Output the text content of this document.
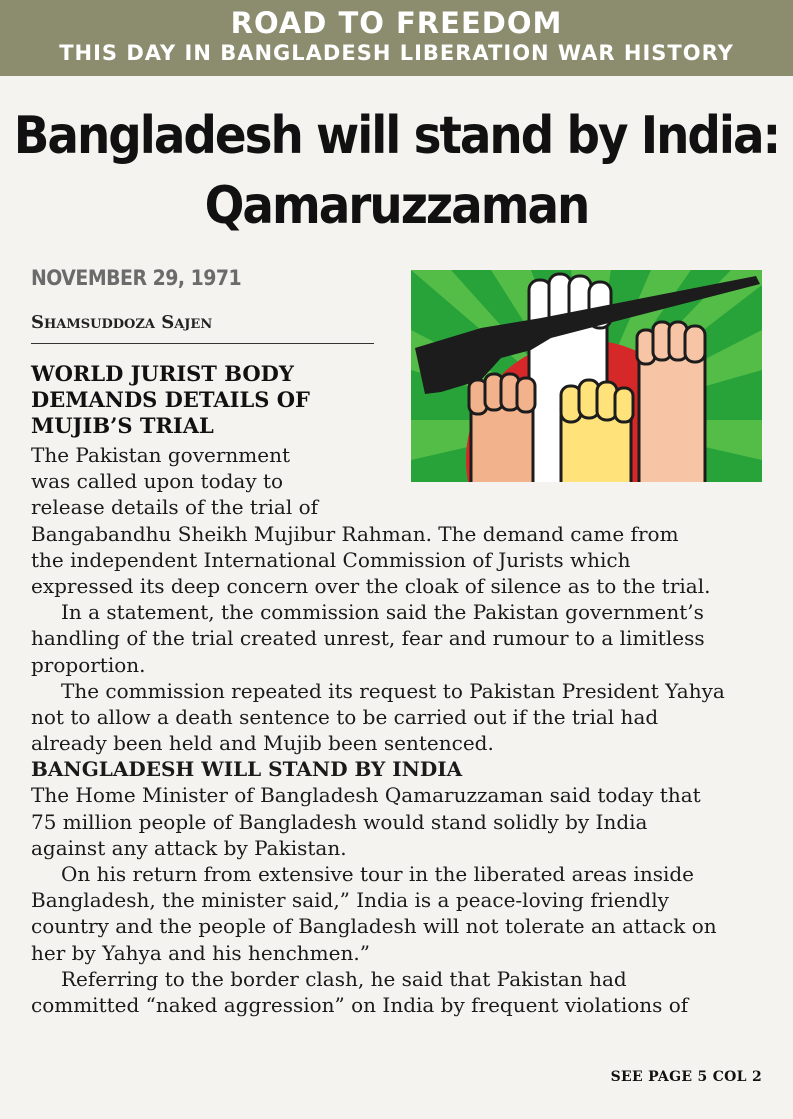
ROAD TO FREEDOM
THIS DAY IN BANGLADESH LIBERATION WAR HISTORY
Bangladesh will stand by India:
Qamaruzzaman
NOVEMBER 29, 1971
Shamsuddoza Sajen
WORLD JURIST BODY
DEMANDS DETAILS OF
MUJIB’S TRIAL
The Pakistan government
was called upon today to
release details of the trial of
Bangabandhu Sheikh Mujibur Rahman. The demand came from
the independent International Commission of Jurists which
expressed its deep concern over the cloak of silence as to the trial.
In a statement, the commission said the Pakistan government’s
handling of the trial created unrest, fear and rumour to a limitless
proportion.
The commission repeated its request to Pakistan President Yahya
not to allow a death sentence to be carried out if the trial had
already been held and Mujib been sentenced.
BANGLADESH WILL STAND BY INDIA
The Home Minister of Bangladesh Qamaruzzaman said today that
75 million people of Bangladesh would stand solidly by India
against any attack by Pakistan.
On his return from extensive tour in the liberated areas inside
Bangladesh, the minister said,” India is a peace-loving friendly
country and the people of Bangladesh will not tolerate an attack on
her by Yahya and his henchmen.”
Referring to the border clash, he said that Pakistan had
committed “naked aggression” on India by frequent violations of
SEE PAGE 5 COL 2
